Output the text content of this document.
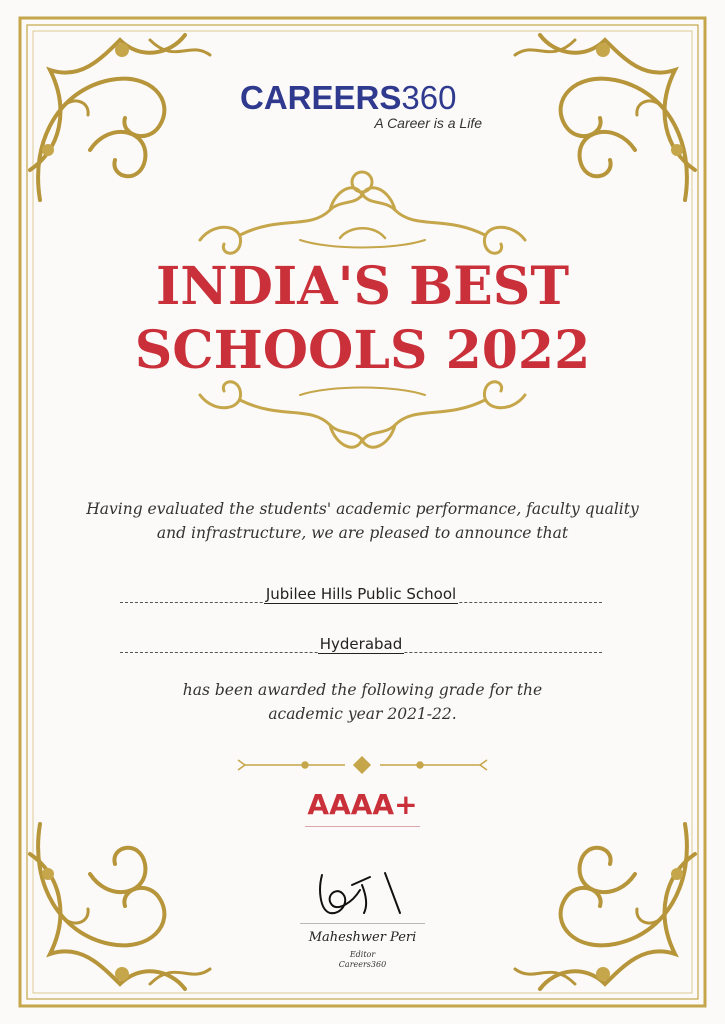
CAREERS360
A Career is a Life
INDIA'S BEST
SCHOOLS 2022
Having evaluated the students' academic performance, faculty quality
and infrastructure, we are pleased to announce that
Jubilee Hills Public School
Hyderabad
has been awarded the following grade for the
academic year 2021-22.
AAAA+
Maheshwer Peri
Editor
Careers360
